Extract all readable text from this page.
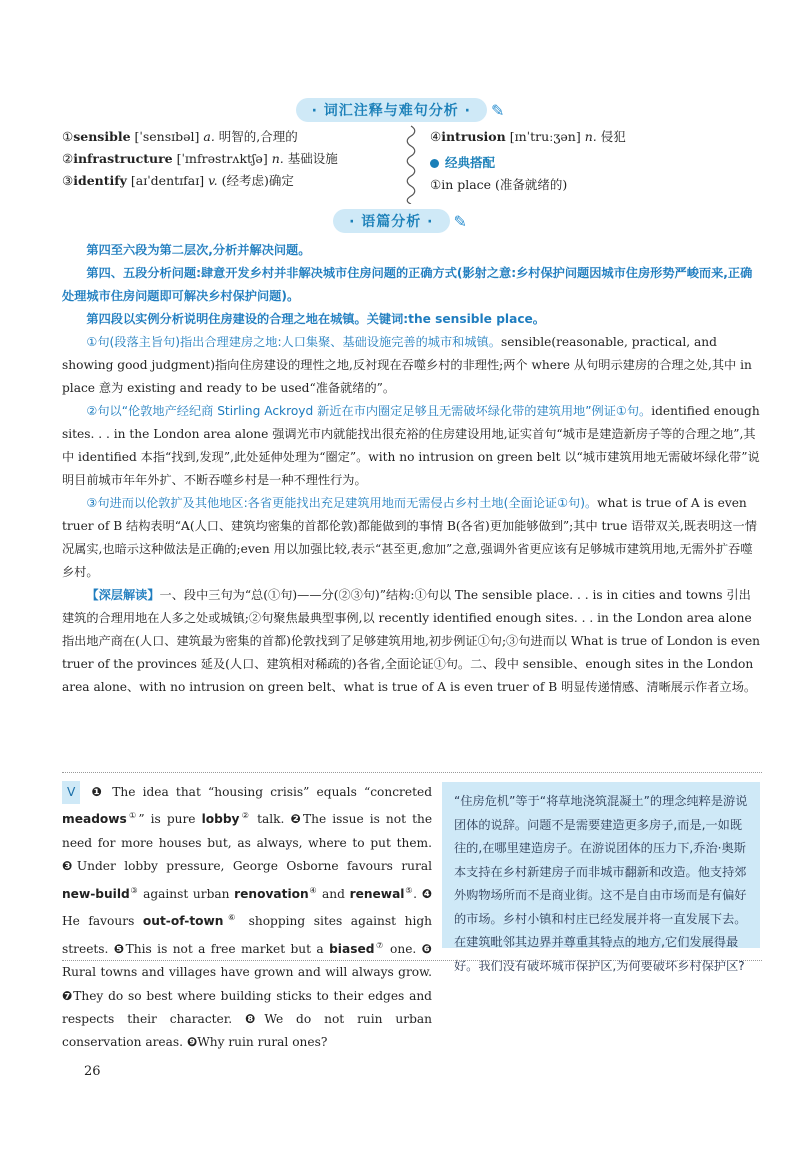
· 词汇注释与难句分析 · ✎
①sensible [ˈsensɪbəl] a. 明智的,合理的
②infrastructure [ˈɪnfrəstrʌktʃə] n. 基础设施
③identify [aɪˈdentɪfaɪ] v. (经考虑)确定
④intrusion [ɪnˈtruːʒən] n. 侵犯
经典搭配
①in place (准备就绪的)
· 语篇分析 · ✎

第四至六段为第二层次,分析并解决问题。

第四、五段分析问题:肆意开发乡村并非解决城市住房问题的正确方式(影射之意:乡村保护问题因城市住房形势严峻而来,正确处理城市住房问题即可解决乡村保护问题)。

第四段以实例分析说明住房建设的合理之地在城镇。关键词:the sensible place。

①句(段落主旨句)指出合理建房之地:人口集聚、基础设施完善的城市和城镇。sensible(reasonable, practical, and showing good judgment)指向住房建设的理性之地,反衬现在吞噬乡村的非理性;两个 where 从句明示建房的合理之处,其中 in place 意为 existing and ready to be used“准备就绪的”。

②句以“伦敦地产经纪商 Stirling Ackroyd 新近在市内圈定足够且无需破坏绿化带的建筑用地”例证①句。identified enough sites. . . in the London area alone 强调光市内就能找出很充裕的住房建设用地,证实首句“城市是建造新房子等的合理之地”,其中 identified 本指“找到,发现”,此处延伸处理为“圈定”。with no intrusion on green belt 以“城市建筑用地无需破坏绿化带”说明目前城市年年外扩、不断吞噬乡村是一种不理性行为。

③句进而以伦敦扩及其他地区:各省更能找出充足建筑用地而无需侵占乡村土地(全面论证①句)。what is true of A is even truer of B 结构表明“A(人口、建筑均密集的首都伦敦)都能做到的事情 B(各省)更加能够做到”;其中 true 语带双关,既表明这一情况属实,也暗示这种做法是正确的;even 用以加强比较,表示“甚至更,愈加”之意,强调外省更应该有足够城市建筑用地,无需外扩吞噬乡村。

【深层解读】一、段中三句为“总(①句)——分(②③句)”结构:①句以 The sensible place. . . is in cities and towns 引出建筑的合理用地在人多之处或城镇;②句聚焦最典型事例,以 recently identified enough sites. . . in the London area alone 指出地产商在(人口、建筑最为密集的首都)伦敦找到了足够建筑用地,初步例证①句;③句进而以 What is true of London is even truer of the provinces 延及(人口、建筑相对稀疏的)各省,全面论证①句。二、段中 sensible、enough sites in the London area alone、with no intrusion on green belt、what is true of A is even truer of B 明显传递情感、清晰展示作者立场。

V ❶ The idea that “housing crisis” equals “concreted meadows①” is pure lobby② talk. ❷The issue is not the need for more houses but, as always, where to put them. ❸Under lobby pressure, George Osborne favours rural new-build③ against urban renovation④ and renewal⑤. ❹ He favours out-of-town⑥ shopping sites against high streets. ❺This is not a free market but a biased⑦ one. ❻ Rural towns and villages have grown and will always grow. ❼They do so best where building sticks to their edges and respects their character. ❽We do not ruin urban conservation areas. ❾Why ruin rural ones?
“住房危机”等于“将草地浇筑混凝土”的理念纯粹是游说团体的说辞。问题不是需要建造更多房子,而是,一如既往的,在哪里建造房子。在游说团体的压力下,乔治·奥斯本支持在乡村新建房子而非城市翻新和改造。他支持郊外购物场所而不是商业街。这不是自由市场而是有偏好的市场。乡村小镇和村庄已经发展并将一直发展下去。在建筑毗邻其边界并尊重其特点的地方,它们发展得最好。我们没有破坏城市保护区,为何要破坏乡村保护区?
26
